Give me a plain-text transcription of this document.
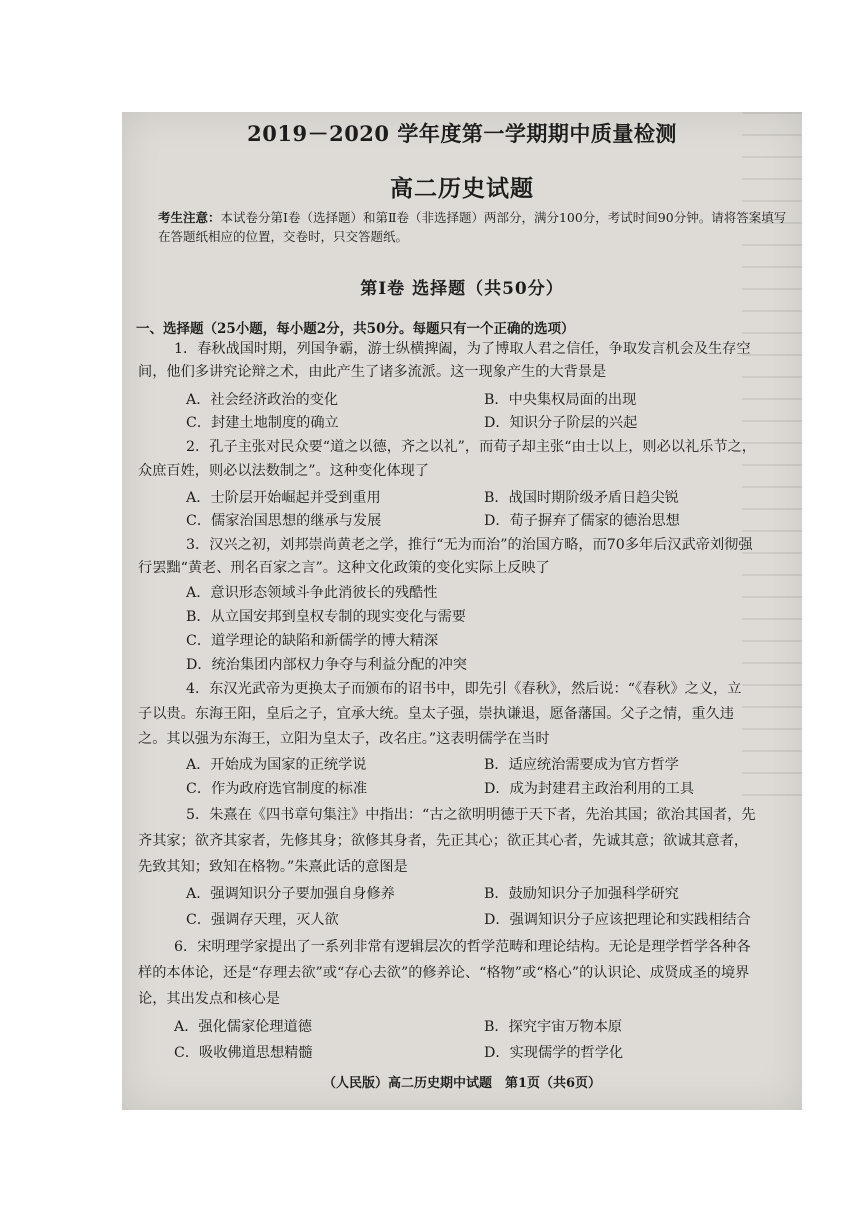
2019－2020 学年度第一学期期中质量检测
高二历史试题
考生注意：本试卷分第Ⅰ卷（选择题）和第Ⅱ卷（非选择题）两部分，满分100分，考试时间90分钟。请将答案填写在答题纸相应的位置，交卷时，只交答题纸。
第Ⅰ卷 选择题（共50分）
一、选择题（25小题，每小题2分，共50分。每题只有一个正确的选项）
1．春秋战国时期，列国争霸，游士纵横捭阖，为了博取人君之信任，争取发言机会及生存空
间，他们多讲究论辩之术，由此产生了诸多流派。这一现象产生的大背景是
A．社会经济政治的变化	B．中央集权局面的出现
C．封建土地制度的确立	D．知识分子阶层的兴起
2．孔子主张对民众要“道之以德，齐之以礼”，而荀子却主张“由士以上，则必以礼乐节之，
众庶百姓，则必以法数制之”。这种变化体现了
A．士阶层开始崛起并受到重用	B．战国时期阶级矛盾日趋尖锐
C．儒家治国思想的继承与发展	D．荀子摒弃了儒家的德治思想
3．汉兴之初，刘邦崇尚黄老之学，推行“无为而治”的治国方略，而70多年后汉武帝刘彻强
行罢黜“黄老、刑名百家之言”。这种文化政策的变化实际上反映了
A．意识形态领域斗争此消彼长的残酷性
B．从立国安邦到皇权专制的现实变化与需要
C．道学理论的缺陷和新儒学的博大精深
D．统治集团内部权力争夺与利益分配的冲突
4．东汉光武帝为更换太子而颁布的诏书中，即先引《春秋》，然后说：“《春秋》之义，立
子以贵。东海王阳，皇后之子，宜承大统。皇太子强，崇执谦退，愿备藩国。父子之情，重久违
之。其以强为东海王，立阳为皇太子，改名庄。”这表明儒学在当时
A．开始成为国家的正统学说	B．适应统治需要成为官方哲学
C．作为政府选官制度的标准	D．成为封建君主政治利用的工具
5．朱熹在《四书章句集注》中指出：“古之欲明明德于天下者，先治其国；欲治其国者，先
齐其家；欲齐其家者，先修其身；欲修其身者，先正其心；欲正其心者，先诚其意；欲诚其意者，
先致其知；致知在格物。”朱熹此话的意图是
A．强调知识分子要加强自身修养	B．鼓励知识分子加强科学研究
C．强调存天理，灭人欲	D．强调知识分子应该把理论和实践相结合
6．宋明理学家提出了一系列非常有逻辑层次的哲学范畴和理论结构。无论是理学哲学各种各
样的本体论，还是“存理去欲”或“存心去欲”的修养论、“格物”或“格心”的认识论、成贤成圣的境界
论，其出发点和核心是
A．强化儒家伦理道德	B．探究宇宙万物本原
C．吸收佛道思想精髓	D．实现儒学的哲学化
（人民版）高二历史期中试题　第1页（共6页）
